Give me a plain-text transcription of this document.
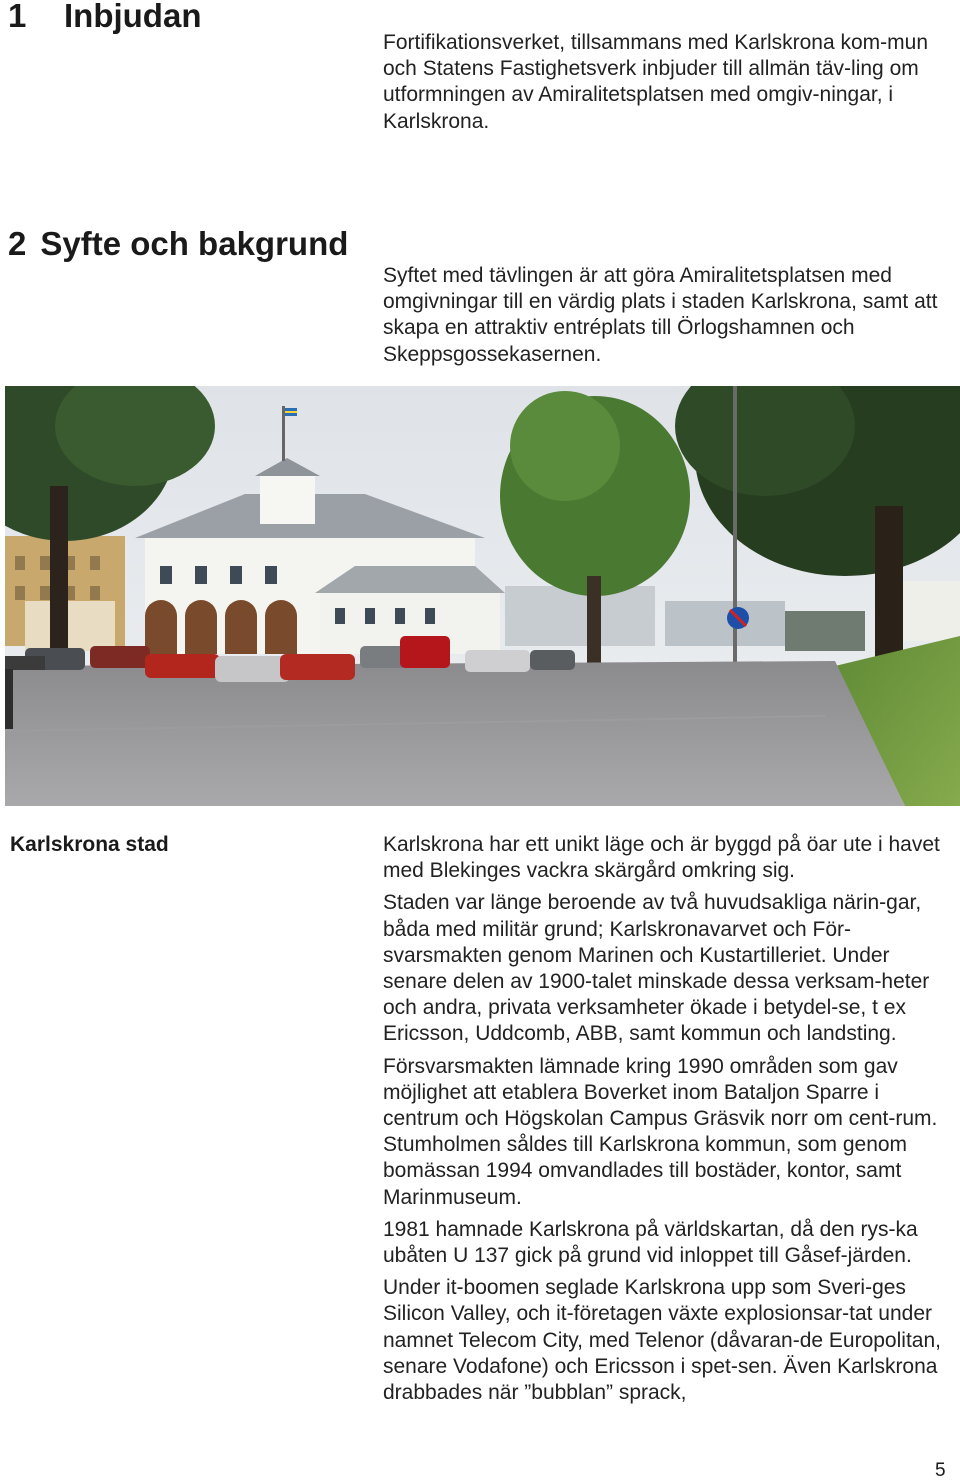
1 Inbjudan

Fortifikationsverket, tillsammans med Karlskrona kom-mun och Statens Fastighetsverk inbjuder till allmän täv-ling om utformningen av Amiralitetsplatsen med omgiv-ningar, i Karlskrona.

2 Syfte och bakgrund

Syftet med tävlingen är att göra Amiralitetsplatsen med omgivningar till en värdig plats i staden Karlskrona, samt att skapa en attraktiv entréplats till Örlogshamnen och Skeppsgossekasernen.

Karlskrona stad	Karlskrona har ett unikt läge och är byggd på öar ute i havet med Blekinges vackra skärgård omkring sig.

Staden var länge beroende av två huvudsakliga närin-gar, båda med militär grund; Karlskronavarvet och För-svarsmakten genom Marinen och Kustartilleriet. Under senare delen av 1900-talet minskade dessa verksam-heter och andra, privata verksamheter ökade i betydel-se, t ex Ericsson, Uddcomb, ABB, samt kommun och landsting.

Försvarsmakten lämnade kring 1990 områden som gav möjlighet att etablera Boverket inom Bataljon Sparre i centrum och Högskolan Campus Gräsvik norr om cent-rum. Stumholmen såldes till Karlskrona kommun, som genom bomässan 1994 omvandlades till bostäder, kontor, samt Marinmuseum.

1981 hamnade Karlskrona på världskartan, då den rys-ka ubåten U 137 gick på grund vid inloppet till Gåsef-järden.

Under it-boomen seglade Karlskrona upp som Sveri-ges Silicon Valley, och it-företagen växte explosionsar-tat under namnet Telecom City, med Telenor (dåvaran-de Europolitan, senare Vodafone) och Ericsson i spet-sen. Även Karlskrona drabbades när ”bubblan” sprack,

5
